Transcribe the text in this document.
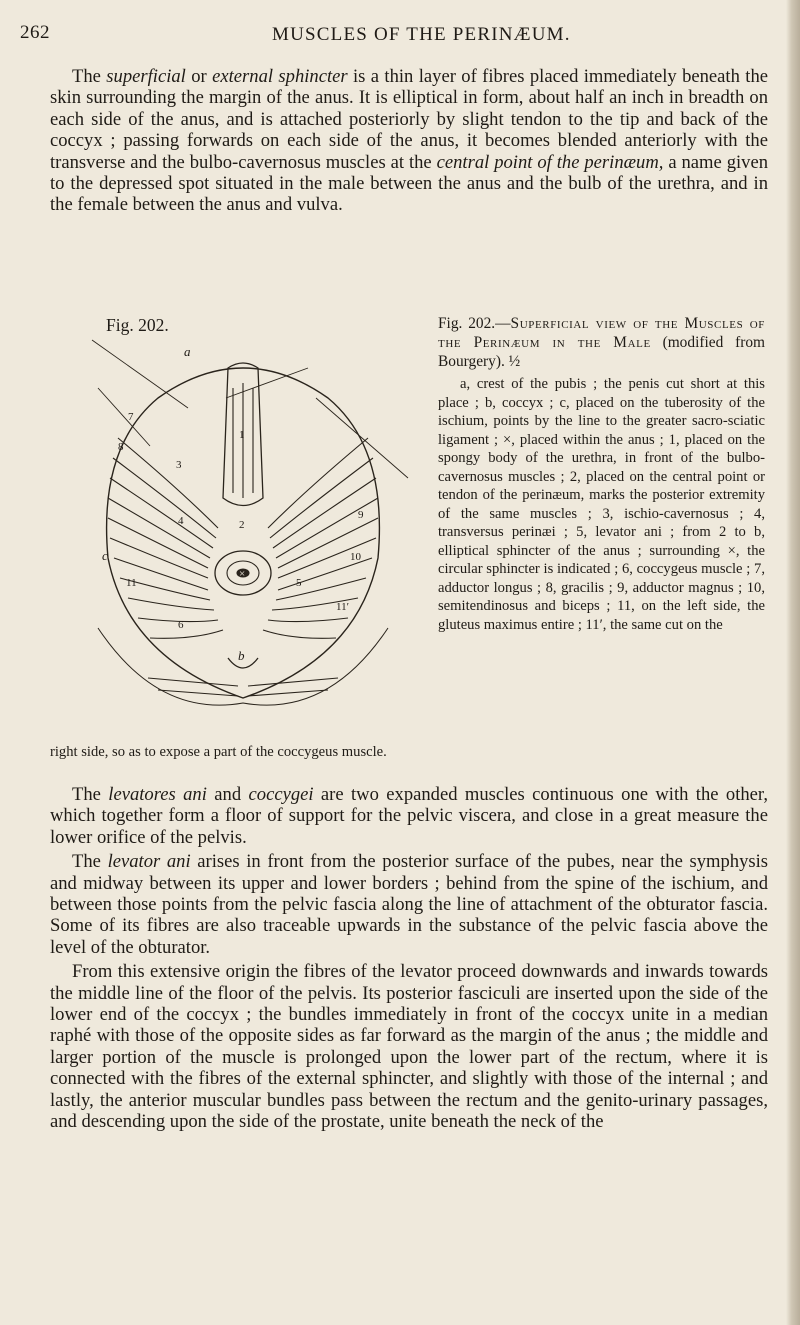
262	MUSCLES OF THE PERINÆUM.

The superficial or external sphincter is a thin layer of fibres placed immediately beneath the skin surrounding the margin of the anus. It is elliptical in form, about half an inch in breadth on each side of the anus, and is attached posteriorly by slight tendon to the tip and back of the coccyx ; passing forwards on each side of the anus, it becomes blended anteriorly with the transverse and the bulbo-cavernosus muscles at the central point of the perinæum, a name given to the depressed spot situated in the male between the anus and the bulb of the urethra, and in the female between the anus and vulva.

Fig. 202.
a
c
b
1
2
3
4
5
6
7
8
9
10
11
11′
×

Fig. 202.—Superficial view of the Muscles of the Perinæum in the Male (modified from Bourgery). ½

a, crest of the pubis ; the penis cut short at this place ; b, coccyx ; c, placed on the tuberosity of the ischium, points by the line to the greater sacro-sciatic ligament ; ×, placed within the anus ; 1, placed on the spongy body of the urethra, in front of the bulbo-cavernosus muscles ; 2, placed on the central point or tendon of the perinæum, marks the posterior extremity of the same muscles ; 3, ischio-cavernosus ; 4, transversus perinæi ; 5, levator ani ; from 2 to b, elliptical sphincter of the anus ; surrounding ×, the circular sphincter is indicated ; 6, coccygeus muscle ; 7, adductor longus ; 8, gracilis ; 9, adductor magnus ; 10, semitendinosus and biceps ; 11, on the left side, the gluteus maximus entire ; 11′, the same cut on the

right side, so as to expose a part of the coccygeus muscle.

The levatores ani and coccygei are two expanded muscles continuous one with the other, which together form a floor of support for the pelvic viscera, and close in a great measure the lower orifice of the pelvis.

The levator ani arises in front from the posterior surface of the pubes, near the symphysis and midway between its upper and lower borders ; behind from the spine of the ischium, and between those points from the pelvic fascia along the line of attachment of the obturator fascia. Some of its fibres are also traceable upwards in the substance of the pelvic fascia above the level of the obturator.

From this extensive origin the fibres of the levator proceed downwards and inwards towards the middle line of the floor of the pelvis. Its posterior fasciculi are inserted upon the side of the lower end of the coccyx ; the bundles immediately in front of the coccyx unite in a median raphé with those of the opposite sides as far forward as the margin of the anus ; the middle and larger portion of the muscle is prolonged upon the lower part of the rectum, where it is connected with the fibres of the external sphincter, and slightly with those of the internal ; and lastly, the anterior muscular bundles pass between the rectum and the genito-urinary passages, and descending upon the side of the prostate, unite beneath the neck of the
